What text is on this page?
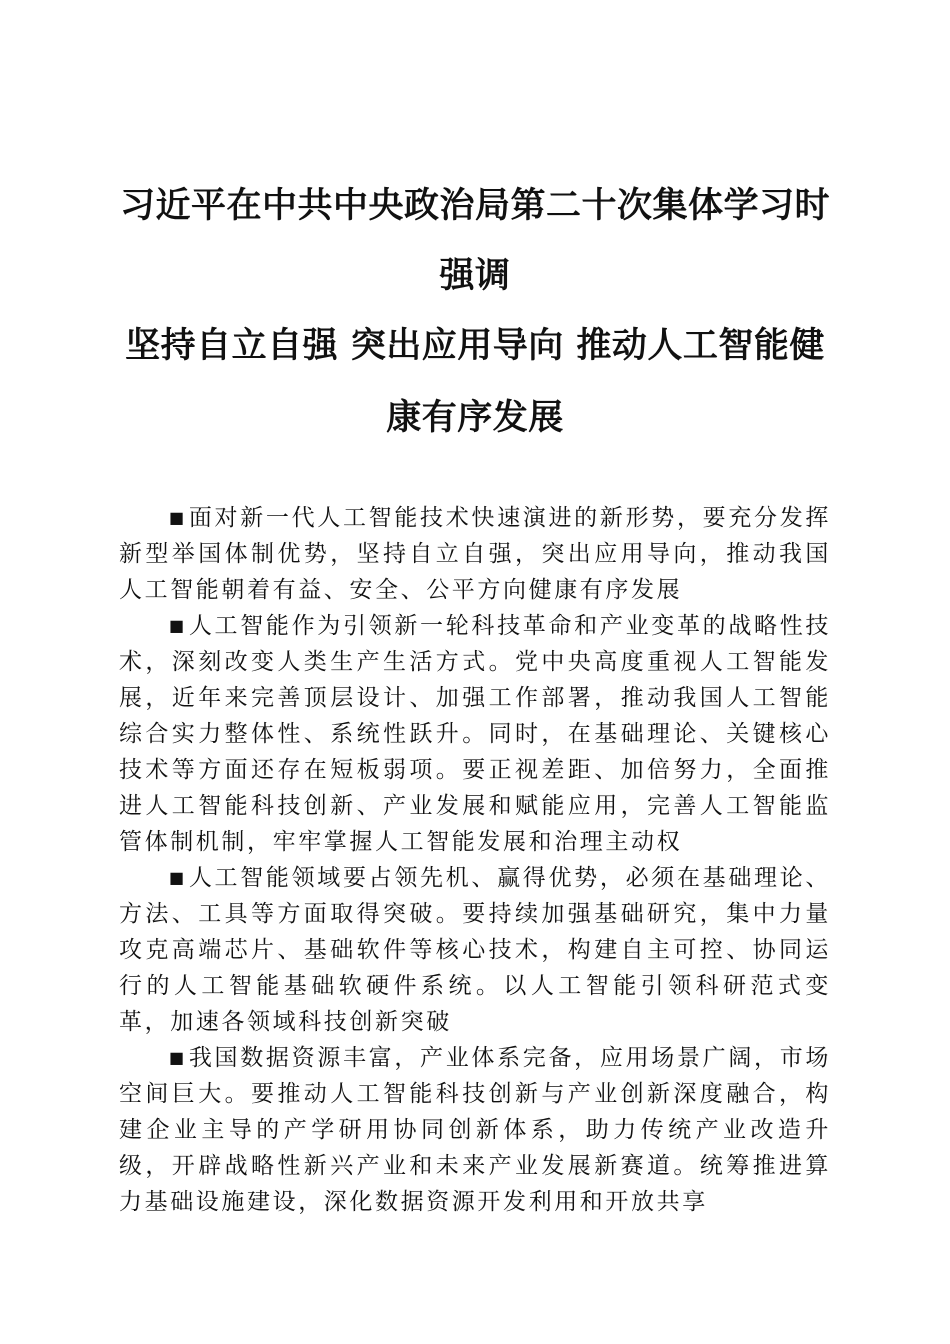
习近平在中共中央政治局第二十次集体学习时
强调
坚持自立自强 突出应用导向 推动人工智能健
康有序发展

■面对新一代人工智能技术快速演进的新形势，要充分发挥新型举国体制优势，坚持自立自强，突出应用导向，推动我国人工智能朝着有益、安全、公平方向健康有序发展

■人工智能作为引领新一轮科技革命和产业变革的战略性技术，深刻改变人类生产生活方式。党中央高度重视人工智能发展，近年来完善顶层设计、加强工作部署，推动我国人工智能综合实力整体性、系统性跃升。同时，在基础理论、关键核心技术等方面还存在短板弱项。要正视差距、加倍努力，全面推进人工智能科技创新、产业发展和赋能应用，完善人工智能监管体制机制，牢牢掌握人工智能发展和治理主动权

■人工智能领域要占领先机、赢得优势，必须在基础理论、方法、工具等方面取得突破。要持续加强基础研究，集中力量攻克高端芯片、基础软件等核心技术，构建自主可控、协同运行的人工智能基础软硬件系统。以人工智能引领科研范式变革，加速各领域科技创新突破

■我国数据资源丰富，产业体系完备，应用场景广阔，市场空间巨大。要推动人工智能科技创新与产业创新深度融合，构建企业主导的产学研用协同创新体系，助力传统产业改造升级，开辟战略性新兴产业和未来产业发展新赛道。统筹推进算力基础设施建设，深化数据资源开发利用和开放共享
